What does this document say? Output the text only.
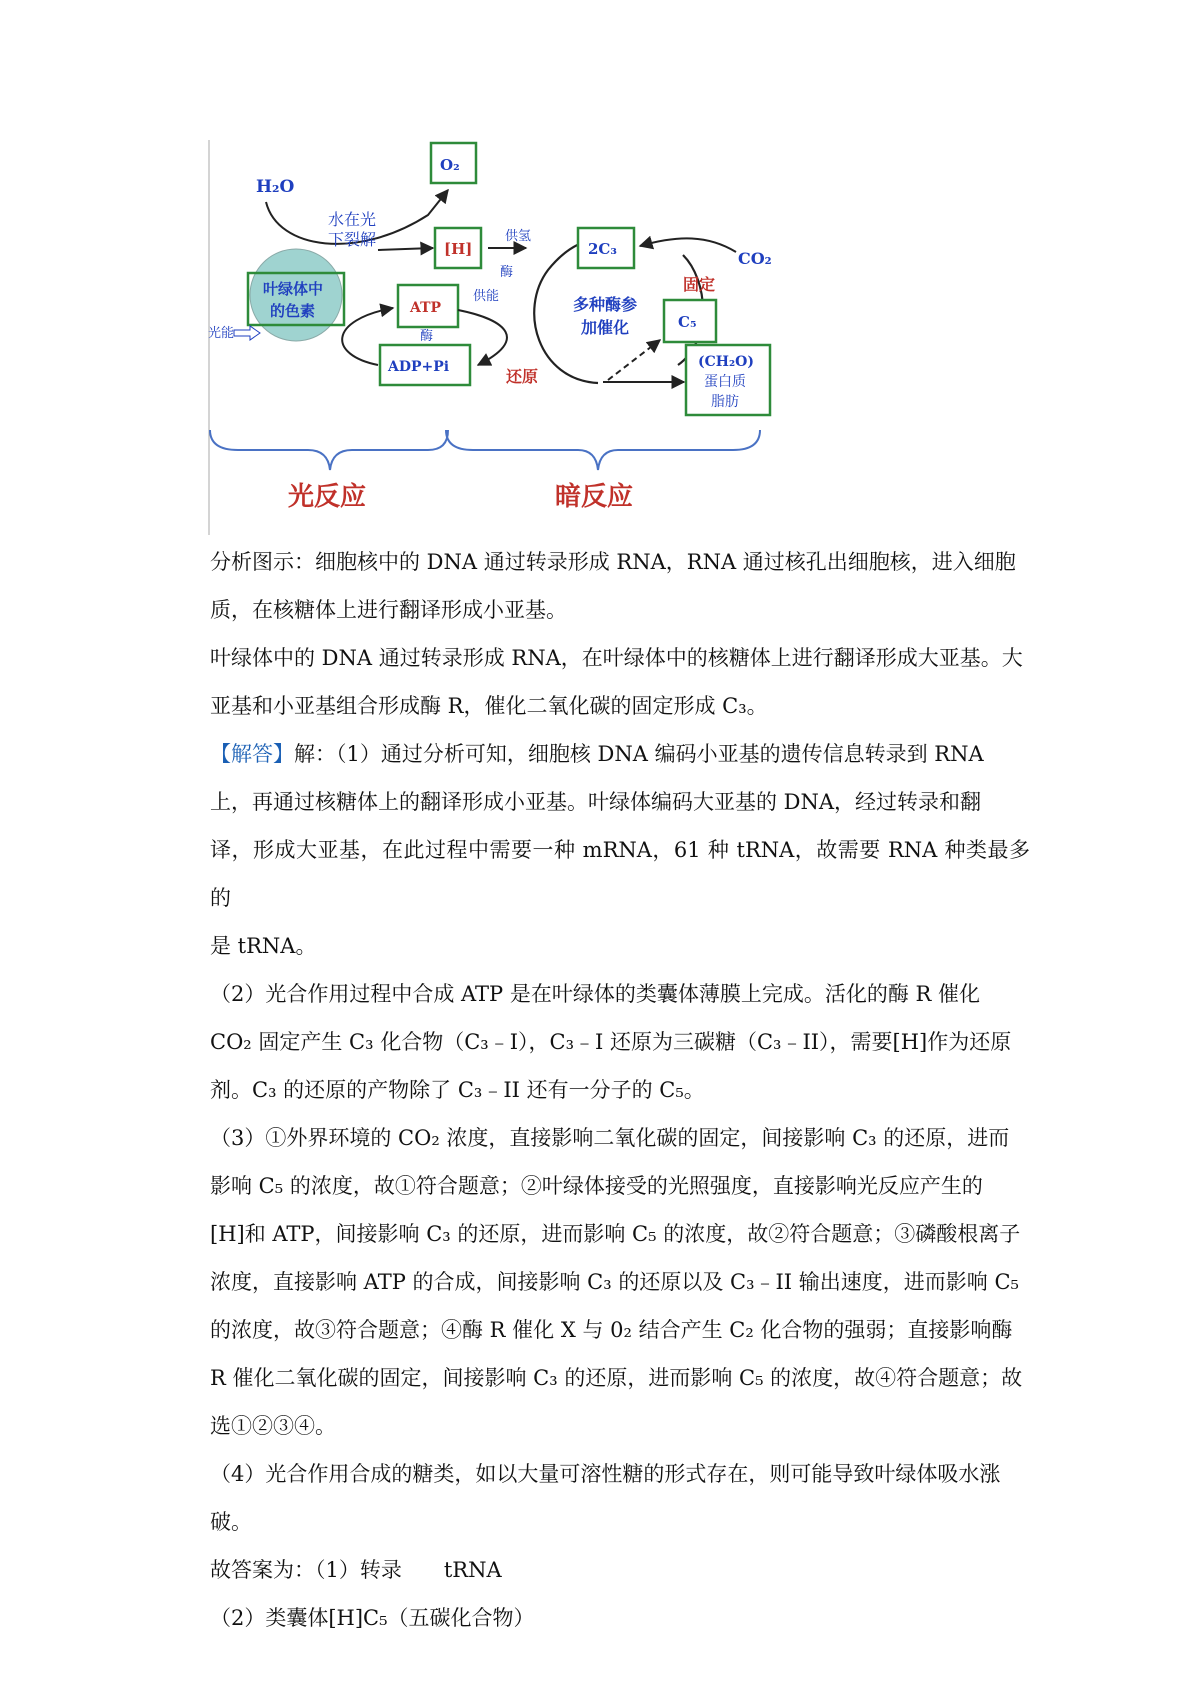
H₂O
O₂
水在光
下裂解	[H]
供氢
酶
供能
叶绿体中
的色素
光能
ATP
酶
ADP+Pi
2C₃	CO₂
固定
多种酶参
加催化	C₅
还原
(CH₂O)
蛋白质
脂肪
光反应	暗反应

分析图示：细胞核中的 DNA 通过转录形成 RNA，RNA 通过核孔出细胞核，进入细胞

质，在核糖体上进行翻译形成小亚基。

叶绿体中的 DNA 通过转录形成 RNA，在叶绿体中的核糖体上进行翻译形成大亚基。大

亚基和小亚基组合形成酶 R，催化二氧化碳的固定形成 C₃。

【解答】解：（1）通过分析可知，细胞核 DNA 编码小亚基的遗传信息转录到 RNA

上，再通过核糖体上的翻译形成小亚基。叶绿体编码大亚基的 DNA，经过转录和翻

译，形成大亚基，在此过程中需要一种 mRNA，61 种 tRNA，故需要 RNA 种类最多的

是 tRNA。

（2）光合作用过程中合成 ATP 是在叶绿体的类囊体薄膜上完成。活化的酶 R 催化

CO₂ 固定产生 C₃ 化合物（C₃﹣I），C₃﹣I 还原为三碳糖（C₃﹣II），需要[H]作为还原

剂。C₃ 的还原的产物除了 C₃﹣II 还有一分子的 C₅。

（3）①外界环境的 CO₂ 浓度，直接影响二氧化碳的固定，间接影响 C₃ 的还原，进而

影响 C₅ 的浓度，故①符合题意；②叶绿体接受的光照强度，直接影响光反应产生的

[H]和 ATP，间接影响 C₃ 的还原，进而影响 C₅ 的浓度，故②符合题意；③磷酸根离子

浓度，直接影响 ATP 的合成，间接影响 C₃ 的还原以及 C₃﹣II 输出速度，进而影响 C₅

的浓度，故③符合题意；④酶 R 催化 X 与 0₂ 结合产生 C₂ 化合物的强弱；直接影响酶

R 催化二氧化碳的固定，间接影响 C₃ 的还原，进而影响 C₅ 的浓度，故④符合题意；故

选①②③④。

（4）光合作用合成的糖类，如以大量可溶性糖的形式存在，则可能导致叶绿体吸水涨

破。

故答案为：（1）转录　　tRNA

（2）类囊体[H]C₅（五碳化合物）
